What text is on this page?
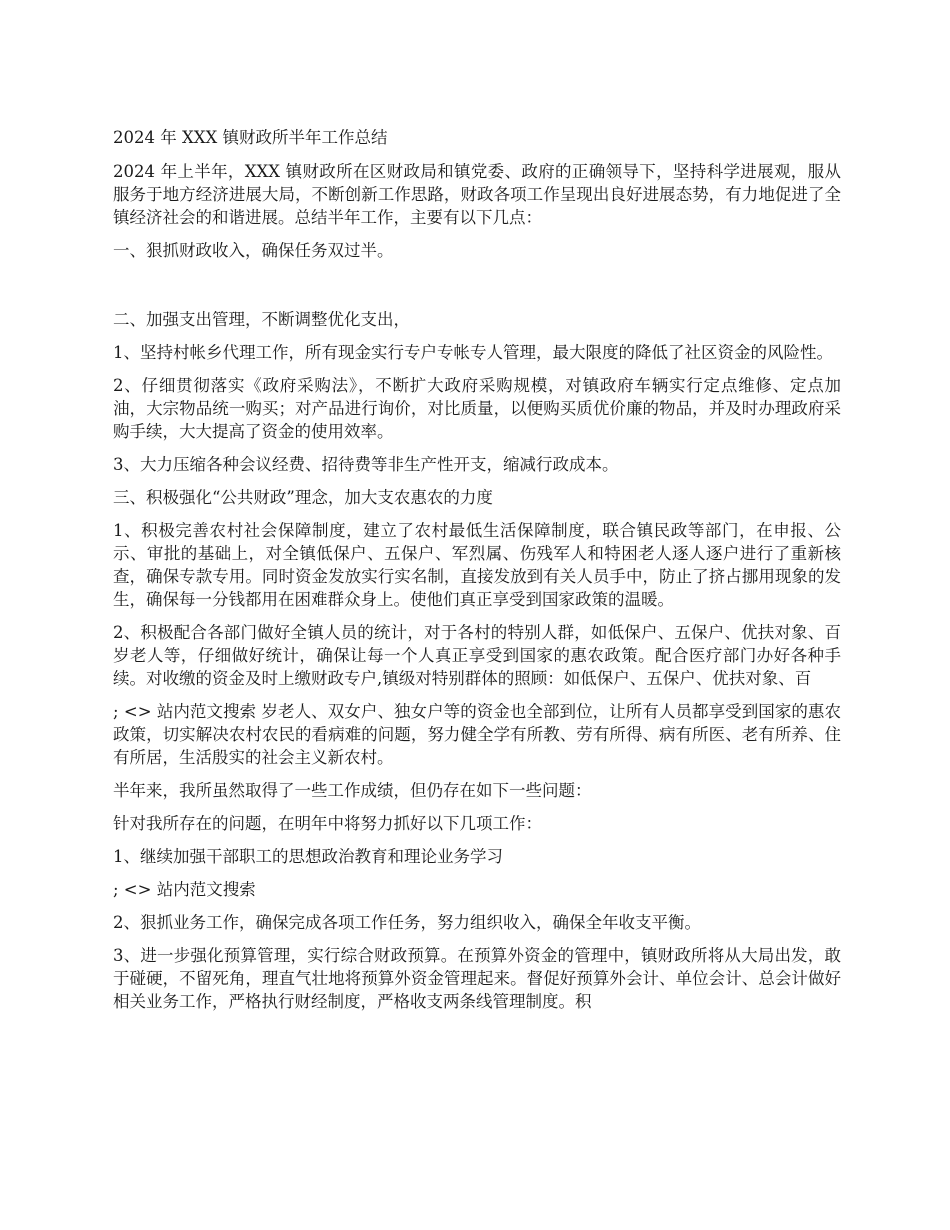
2024 年 XXX 镇财政所半年工作总结

2024 年上半年，XXX 镇财政所在区财政局和镇党委、政府的正确领导下，坚持科学进展观，服从服务于地方经济进展大局，不断创新工作思路，财政各项工作呈现出良好进展态势，有力地促进了全镇经济社会的和谐进展。总结半年工作，主要有以下几点：

一、狠抓财政收入，确保任务双过半。

二、加强支出管理，不断调整优化支出，

1、坚持村帐乡代理工作，所有现金实行专户专帐专人管理，最大限度的降低了社区资金的风险性。

2、仔细贯彻落实《政府采购法》，不断扩大政府采购规模，对镇政府车辆实行定点维修、定点加油，大宗物品统一购买；对产品进行询价，对比质量，以便购买质优价廉的物品，并及时办理政府采购手续，大大提高了资金的使用效率。

3、大力压缩各种会议经费、招待费等非生产性开支，缩减行政成本。

三、积极强化“公共财政”理念，加大支农惠农的力度

1、积极完善农村社会保障制度，建立了农村最低生活保障制度，联合镇民政等部门，在申报、公示、审批的基础上，对全镇低保户、五保户、军烈属、伤残军人和特困老人逐人逐户进行了重新核查，确保专款专用。同时资金发放实行实名制，直接发放到有关人员手中，防止了挤占挪用现象的发生，确保每一分钱都用在困难群众身上。使他们真正享受到国家政策的温暖。

2、积极配合各部门做好全镇人员的统计，对于各村的特别人群，如低保户、五保户、优扶对象、百岁老人等，仔细做好统计，确保让每一个人真正享受到国家的惠农政策。配合医疗部门办好各种手续。对收缴的资金及时上缴财政专户,镇级对特别群体的照顾：如低保户、五保户、优扶对象、百

; <> 站内范文搜索 岁老人、双女户、独女户等的资金也全部到位，让所有人员都享受到国家的惠农政策，切实解决农村农民的看病难的问题，努力健全学有所教、劳有所得、病有所医、老有所养、住有所居，生活殷实的社会主义新农村。

半年来，我所虽然取得了一些工作成绩，但仍存在如下一些问题：

针对我所存在的问题，在明年中将努力抓好以下几项工作：

1、继续加强干部职工的思想政治教育和理论业务学习

; <> 站内范文搜索

2、狠抓业务工作，确保完成各项工作任务，努力组织收入，确保全年收支平衡。

3、进一步强化预算管理，实行综合财政预算。在预算外资金的管理中，镇财政所将从大局出发，敢于碰硬，不留死角，理直气壮地将预算外资金管理起来。督促好预算外会计、单位会计、总会计做好相关业务工作，严格执行财经制度，严格收支两条线管理制度。积
